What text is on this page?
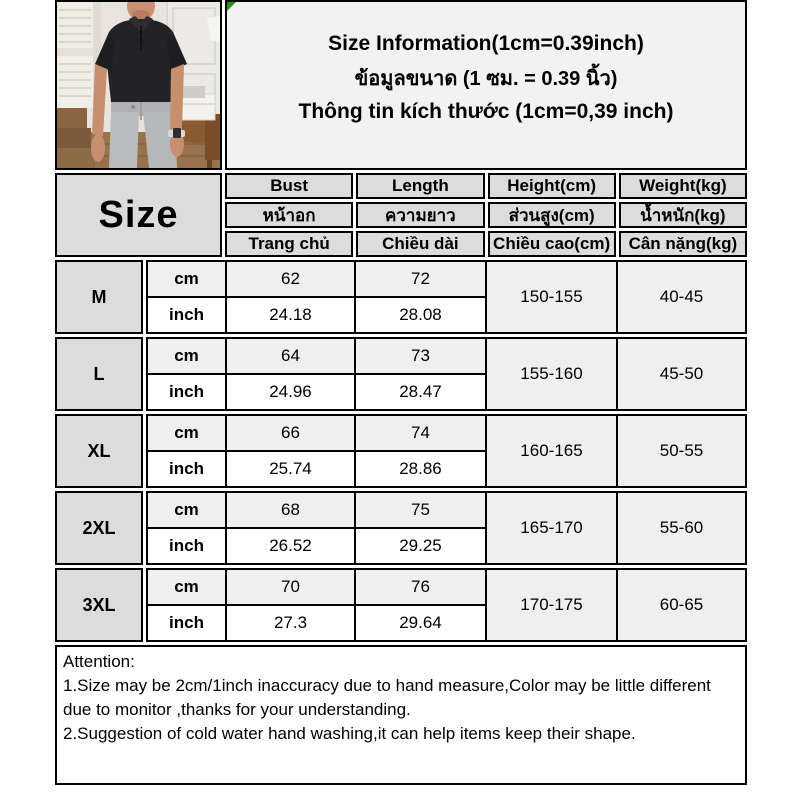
Size Information(1cm=0.39inch)
ข้อมูลขนาด (1 ซม. = 0.39 นิ้ว)
Thông tin kích thước (1cm=0,39 inch)
Size
Bust	Length	Height(cm)	Weight(kg)
หน้าอก	ความยาว	ส่วนสูง(cm)	น้ำหนัก(kg)
Trang chủ	Chiều dài	Chiều cao(cm)	Cân nặng(kg)
M
cm	62	72	150-155	40-45
inch	24.18	28.08		
L
cm	64	73	155-160	45-50
inch	24.96	28.47		
XL
cm	66	74	160-165	50-55
inch	25.74	28.86		
2XL
cm	68	75	165-170	55-60
inch	26.52	29.25		
3XL
cm	70	76	170-175	60-65
inch	27.3	29.64		

Attention:

1.Size may be 2cm/1inch inaccuracy due to hand measure,Color may be little different due to monitor ,thanks for your understanding.

2.Suggestion of cold water hand washing,it can help items keep their shape.
